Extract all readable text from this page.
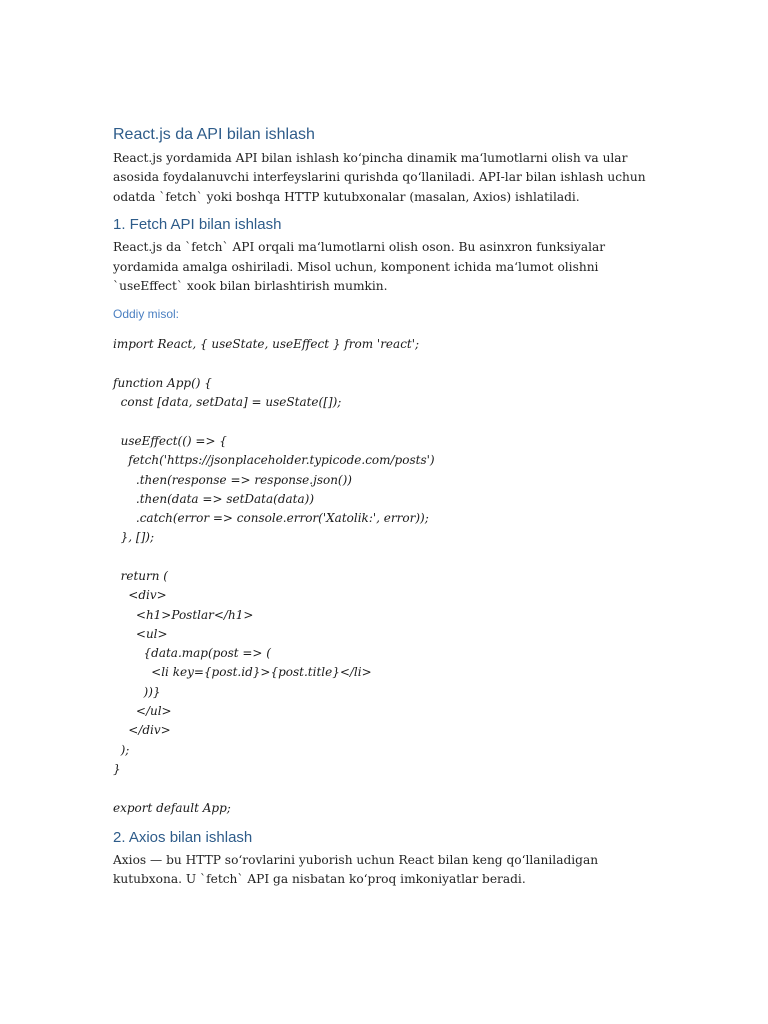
React.js da API bilan ishlash

React.js yordamida API bilan ishlash ko‘pincha dinamik ma‘lumotlarni olish va ular asosida foydalanuvchi interfeyslarini qurishda qo‘llaniladi. API-lar bilan ishlash uchun odatda `fetch` yoki boshqa HTTP kutubxonalar (masalan, Axios) ishlatiladi.

1. Fetch API bilan ishlash

React.js da `fetch` API orqali ma‘lumotlarni olish oson. Bu asinxron funksiyalar yordamida amalga oshiriladi. Misol uchun, komponent ichida ma‘lumot olishni `useEffect` xook bilan birlashtirish mumkin.

Oddiy misol:
import React, { useState, useEffect } from 'react';

function App() {
const [data, setData] = useState([]);

useEffect(() => {
fetch('https://jsonplaceholder.typicode.com/posts')
.then(response => response.json())
.then(data => setData(data))
.catch(error => console.error('Xatolik:', error));
}, []);

return (
<div>
<h1>Postlar</h1>
<ul>
{data.map(post => (
<li key={post.id}>{post.title}</li>
))}
</ul>
</div>
);
}

export default App;
2. Axios bilan ishlash

Axios — bu HTTP so‘rovlarini yuborish uchun React bilan keng qo‘llaniladigan kutubxona. U `fetch` API ga nisbatan ko‘proq imkoniyatlar beradi.
